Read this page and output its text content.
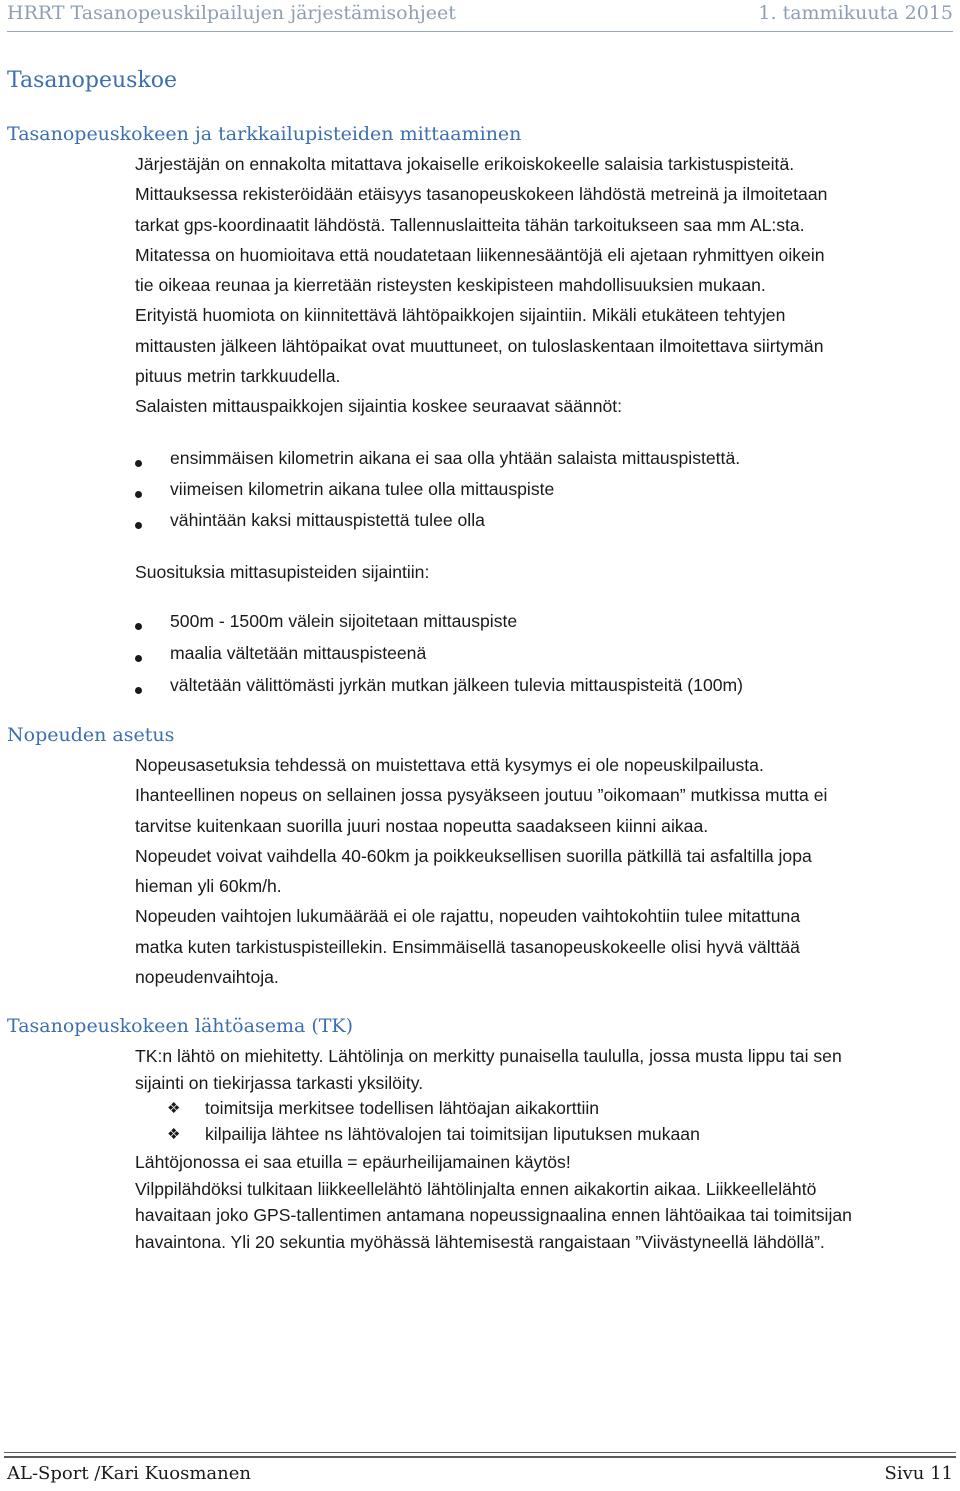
HRRT Tasanopeuskilpailujen järjestämisohjeet	1. tammikuuta 2015
Tasanopeuskoe
Tasanopeuskokeen ja tarkkailupisteiden mittaaminen
Järjestäjän on ennakolta mitattava jokaiselle erikoiskokeelle salaisia tarkistuspisteitä.
Mittauksessa rekisteröidään etäisyys tasanopeuskokeen lähdöstä metreinä ja ilmoitetaan
tarkat gps-koordinaatit lähdöstä. Tallennuslaitteita tähän tarkoitukseen saa mm AL:sta.
Mitatessa on huomioitava että noudatetaan liikennesääntöjä eli ajetaan ryhmittyen oikein
tie oikeaa reunaa ja kierretään risteysten keskipisteen mahdollisuuksien mukaan.
Erityistä huomiota on kiinnitettävä lähtöpaikkojen sijaintiin. Mikäli etukäteen tehtyjen
mittausten jälkeen lähtöpaikat ovat muuttuneet, on tuloslaskentaan ilmoitettava siirtymän
pituus metrin tarkkuudella.
Salaisten mittauspaikkojen sijaintia koskee seuraavat säännöt:
ensimmäisen kilometrin aikana ei saa olla yhtään salaista mittauspistettä.
viimeisen kilometrin aikana tulee olla mittauspiste
vähintään kaksi mittauspistettä tulee olla
Suosituksia mittasupisteiden sijaintiin:
500m - 1500m välein sijoitetaan mittauspiste
maalia vältetään mittauspisteenä
vältetään välittömästi jyrkän mutkan jälkeen tulevia mittauspisteitä (100m)
Nopeuden asetus
Nopeusasetuksia tehdessä on muistettava että kysymys ei ole nopeuskilpailusta.
Ihanteellinen nopeus on sellainen jossa pysyäkseen joutuu ”oikomaan” mutkissa mutta ei
tarvitse kuitenkaan suorilla juuri nostaa nopeutta saadakseen kiinni aikaa.
Nopeudet voivat vaihdella 40-60km ja poikkeuksellisen suorilla pätkillä tai asfaltilla jopa
hieman yli 60km/h.
Nopeuden vaihtojen lukumäärää ei ole rajattu, nopeuden vaihtokohtiin tulee mitattuna
matka kuten tarkistuspisteillekin. Ensimmäisellä tasanopeuskokeelle olisi hyvä välttää
nopeudenvaihtoja.
Tasanopeuskokeen lähtöasema (TK)
TK:n lähtö on miehitetty. Lähtölinja on merkitty punaisella taululla, jossa musta lippu tai sen
sijainti on tiekirjassa tarkasti yksilöity.
❖ toimitsija merkitsee todellisen lähtöajan aikakorttiin
❖ kilpailija lähtee ns lähtövalojen tai toimitsijan liputuksen mukaan
Lähtöjonossa ei saa etuilla = epäurheilijamainen käytös!
Vilppilähdöksi tulkitaan liikkeellelähtö lähtölinjalta ennen aikakortin aikaa. Liikkeellelähtö
havaitaan joko GPS-tallentimen antamana nopeussignaalina ennen lähtöaikaa tai toimitsijan
havaintona. Yli 20 sekuntia myöhässä lähtemisestä rangaistaan ”Viivästyneellä lähdöllä”.
AL-Sport /Kari Kuosmanen	Sivu 11
